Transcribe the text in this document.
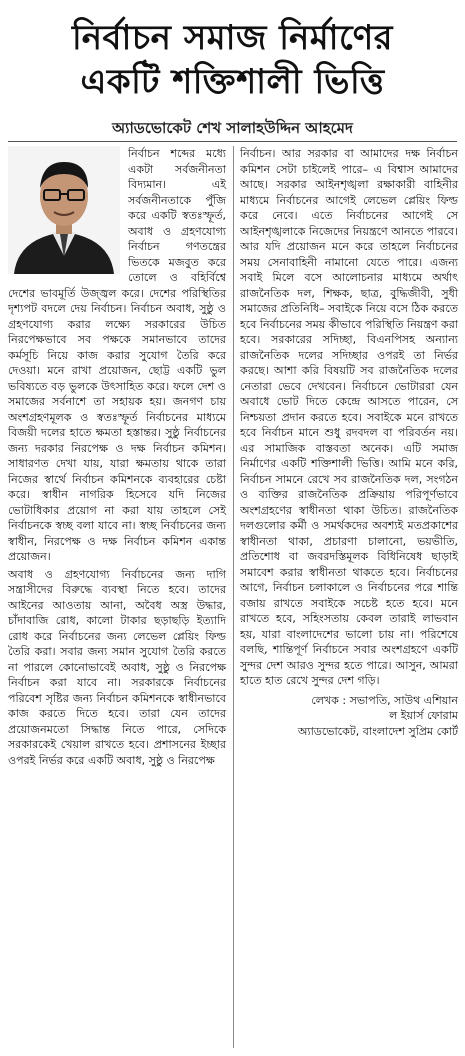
নির্বাচন সমাজ নির্মাণের
একটি শক্তিশালী ভিত্তি
অ্যাডভোকেট শেখ সালাহউদ্দিন আহমেদ

নির্বাচন শব্দের মধ্যে একটা সর্বজনীনতা বিদ্যমান। এই সর্বজনীনতাকে পুঁজি করে একটি স্বতঃস্ফূর্ত, অবাধ ও গ্রহণযোগ্য নির্বাচন গণতন্ত্রের ভিতকে মজবুত করে তোলে ও বহির্বিশ্বে দেশের ভাবমূর্তি উজ্জ্বল করে। দেশের পরিস্থিতির দৃশ্যপট বদলে দেয় নির্বাচন। নির্বাচন অবাধ, সুষ্ঠু ও গ্রহণযোগ্য করার লক্ষ্যে সরকারের উচিত নিরপেক্ষভাবে সব পক্ষকে সমানভাবে তাদের কর্মসূচি নিয়ে কাজ করার সুযোগ তৈরি করে দেওয়া। মনে রাখা প্রয়োজন, ছোট্ট একটি ভুল ভবিষ্যতে বড় ভুলকে উৎসাহিত করে। ফলে দেশ ও সমাজের সর্বনাশে তা সহায়ক হয়। জনগণ চায় অংশগ্রহণমূলক ও স্বতঃস্ফূর্ত নির্বাচনের মাধ্যমে বিজয়ী দলের হাতে ক্ষমতা হস্তান্তর। সুষ্ঠু নির্বাচনের জন্য দরকার নিরপেক্ষ ও দক্ষ নির্বাচন কমিশন। সাধারণত দেখা যায়, যারা ক্ষমতায় থাকে তারা নিজের স্বার্থে নির্বাচন কমিশনকে ব্যবহারের চেষ্টা করে। স্বাধীন নাগরিক হিসেবে যদি নিজের ভোটাধিকার প্রয়োগ না করা যায় তাহলে সেই নির্বাচনকে স্বচ্ছ বলা যাবে না। স্বচ্ছ নির্বাচনের জন্য স্বাধীন, নিরপেক্ষ ও দক্ষ নির্বাচন কমিশন একান্ত প্রয়োজন।

অবাধ ও গ্রহণযোগ্য নির্বাচনের জন্য দাগি সন্ত্রাসীদের বিরুদ্ধে ব্যবস্থা নিতে হবে। তাদের আইনের আওতায় আনা, অবৈধ অস্ত্র উদ্ধার, চাঁদাবাজি রোধ, কালো টাকার ছড়াছড়ি ইত্যাদি রোধ করে নির্বাচনের জন্য লেভেল প্লেয়িং ফিল্ড তৈরি করা। সবার জন্য সমান সুযোগ তৈরি করতে না পারলে কোনোভাবেই অবাধ, সুষ্ঠু ও নিরপেক্ষ নির্বাচন করা যাবে না। সরকারকে নির্বাচনের পরিবেশ সৃষ্টির জন্য নির্বাচন কমিশনকে স্বাধীনভাবে কাজ করতে দিতে হবে। তারা যেন তাদের প্রয়োজনমতো সিদ্ধান্ত নিতে পারে, সেদিকে সরকারকেই খেয়াল রাখতে হবে। প্রশাসনের ইচ্ছার ওপরই নির্ভর করে একটি অবাধ, সুষ্ঠু ও নিরপেক্ষ

নির্বাচন। আর সরকার বা আমাদের দক্ষ নির্বাচন কমিশন সেটা চাইলেই পারে– এ বিশ্বাস আমাদের আছে। সরকার আইনশৃঙ্খলা রক্ষাকারী বাহিনীর মাধ্যমে নির্বাচনের আগেই লেভেল প্লেয়িং ফিল্ড করে নেবে। এতে নির্বাচনের আগেই সে আইনশৃঙ্খলাকে নিজেদের নিয়ন্ত্রণে আনতে পারবে। আর যদি প্রয়োজন মনে করে তাহলে নির্বাচনের সময় সেনাবাহিনী নামানো যেতে পারে। এজন্য সবাই মিলে বসে আলোচনার মাধ্যমে অর্থাৎ রাজনৈতিক দল, শিক্ষক, ছাত্র, বুদ্ধিজীবী, সুধী সমাজের প্রতিনিধি– সবাইকে নিয়ে বসে ঠিক করতে হবে নির্বাচনের সময় কীভাবে পরিস্থিতি নিয়ন্ত্রণ করা হবে। সরকারের সদিচ্ছা, বিএনপিসহ অন্যান্য রাজনৈতিক দলের সদিচ্ছার ওপরই তা নির্ভর করছে। আশা করি বিষয়টি সব রাজনৈতিক দলের নেতারা ভেবে দেখবেন। নির্বাচনে ভোটাররা যেন অবাধে ভোট দিতে কেন্দ্রে আসতে পারেন, সে নিশ্চয়তা প্রদান করতে হবে। সবাইকে মনে রাখতে হবে নির্বাচন মানে শুধু রদবদল বা পরিবর্তন নয়। এর সামাজিক বাস্তবতা অনেক। এটি সমাজ নির্মাণের একটি শক্তিশালী ভিত্তি। আমি মনে করি, নির্বাচন সামনে রেখে সব রাজনৈতিক দল, সংগঠন ও ব্যক্তির রাজনৈতিক প্রক্রিয়ায় পরিপূর্ণভাবে অংশগ্রহণের স্বাধীনতা থাকা উচিত। রাজনৈতিক দলগুলোর কর্মী ও সমর্থকদের অবশ্যই মতপ্রকাশের স্বাধীনতা থাকা, প্রচারণা চালানো, ভয়ভীতি, প্রতিশোধ বা জবরদস্তিমূলক বিধিনিষেধ ছাড়াই সমাবেশ করার স্বাধীনতা থাকতে হবে। নির্বাচনের আগে, নির্বাচন চলাকালে ও নির্বাচনের পরে শান্তি বজায় রাখতে সবাইকে সচেষ্ট হতে হবে। মনে রাখতে হবে, সহিংসতায় কেবল তারাই লাভবান হয়, যারা বাংলাদেশের ভালো চায় না। পরিশেষে বলছি, শান্তিপূর্ণ নির্বাচনে সবার অংশগ্রহণে একটি সুন্দর দেশ আরও সুন্দর হতে পারে। আসুন, আমরা হাতে হাত রেখে সুন্দর দেশ গড়ি।

লেখক : সভাপতি, সাউথ এশিয়ান
ল ইয়ার্স ফোরাম
অ্যাডভোকেট, বাংলাদেশ সুপ্রিম কোর্ট
